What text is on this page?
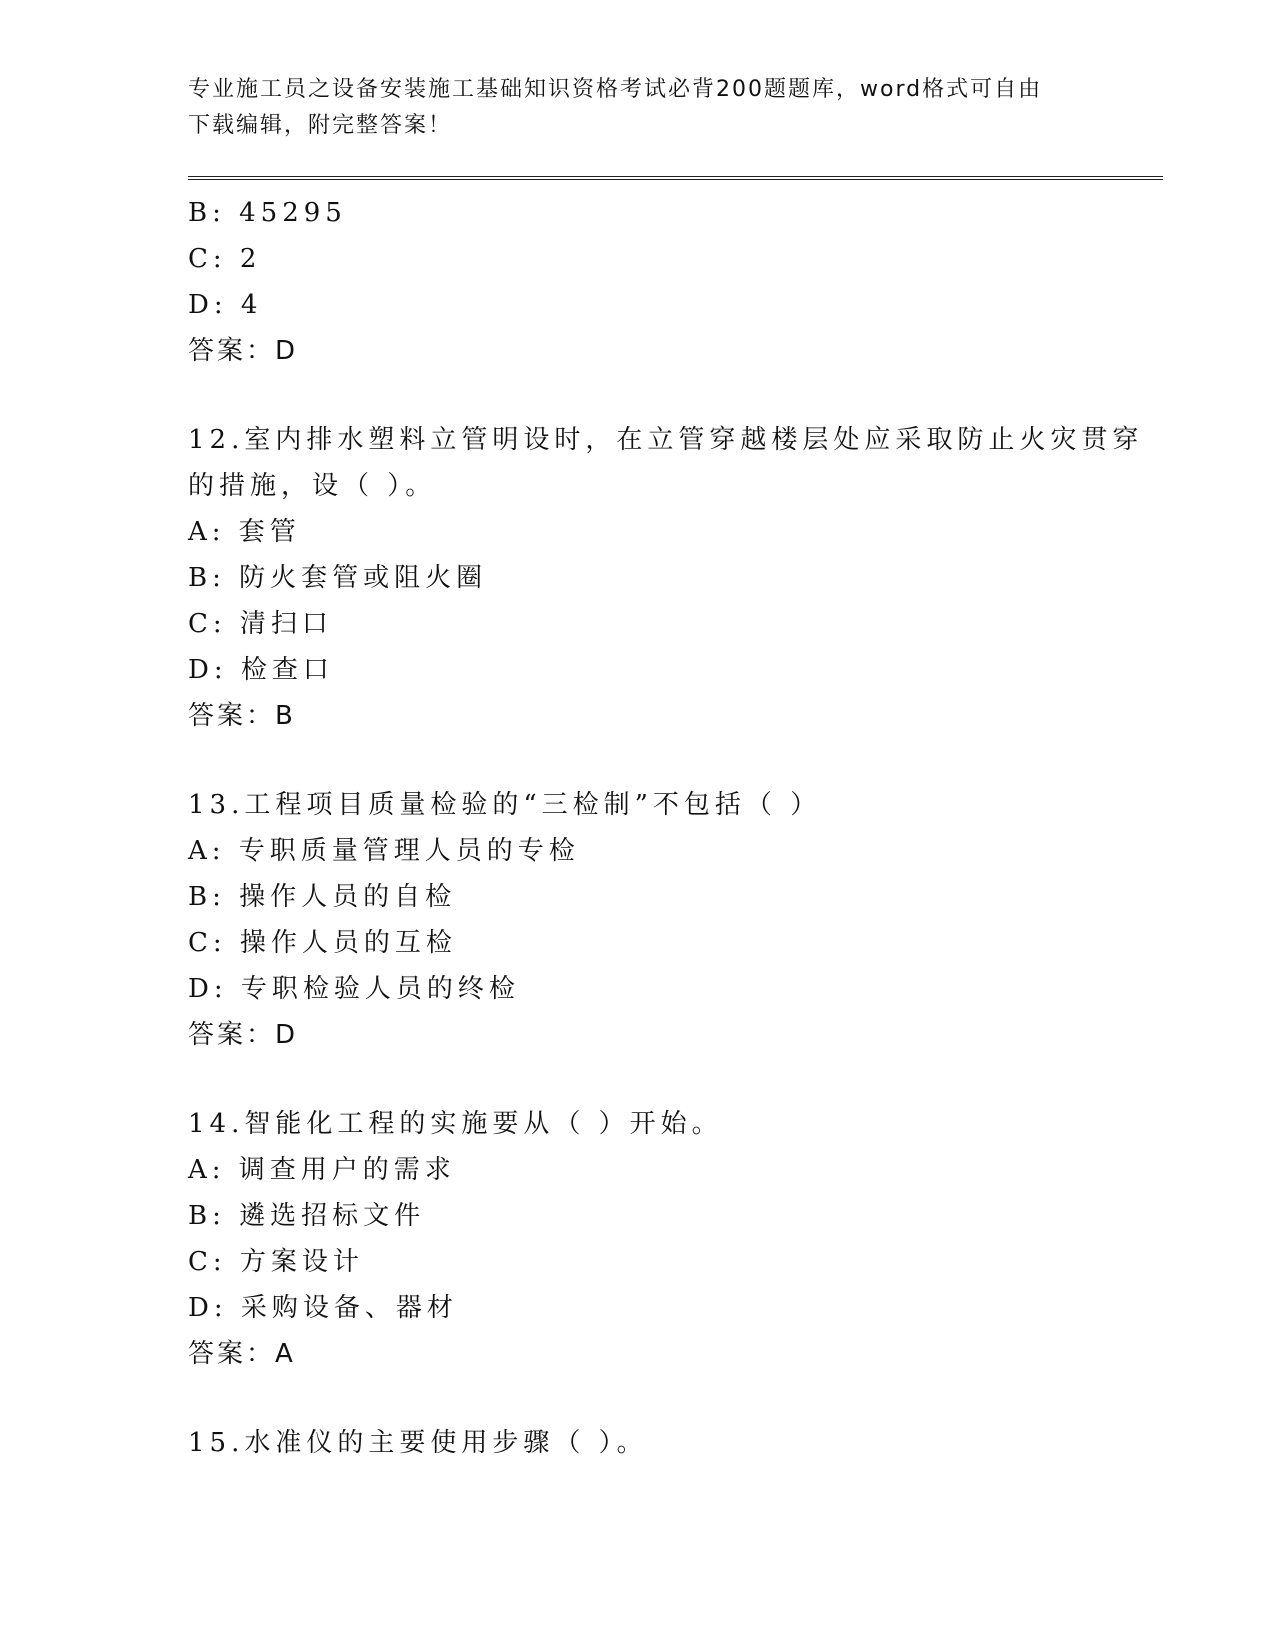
专业施工员之设备安装施工基础知识资格考试必背200题题库，word格式可自由
下载编辑，附完整答案！
B: 45295
C: 2
D: 4
答案：D
12.室内排水塑料立管明设时，在立管穿越楼层处应采取防止火灾贯穿
的措施，设（ ）。
A: 套管
B: 防火套管或阻火圈
C: 清扫口
D: 检查口
答案：B
13.工程项目质量检验的“三检制”不包括（ ）
A: 专职质量管理人员的专检
B: 操作人员的自检
C: 操作人员的互检
D: 专职检验人员的终检
答案：D
14.智能化工程的实施要从（ ）开始。
A: 调查用户的需求
B: 遴选招标文件
C: 方案设计
D: 采购设备、器材
答案：A
15.水准仪的主要使用步骤（ ）。
